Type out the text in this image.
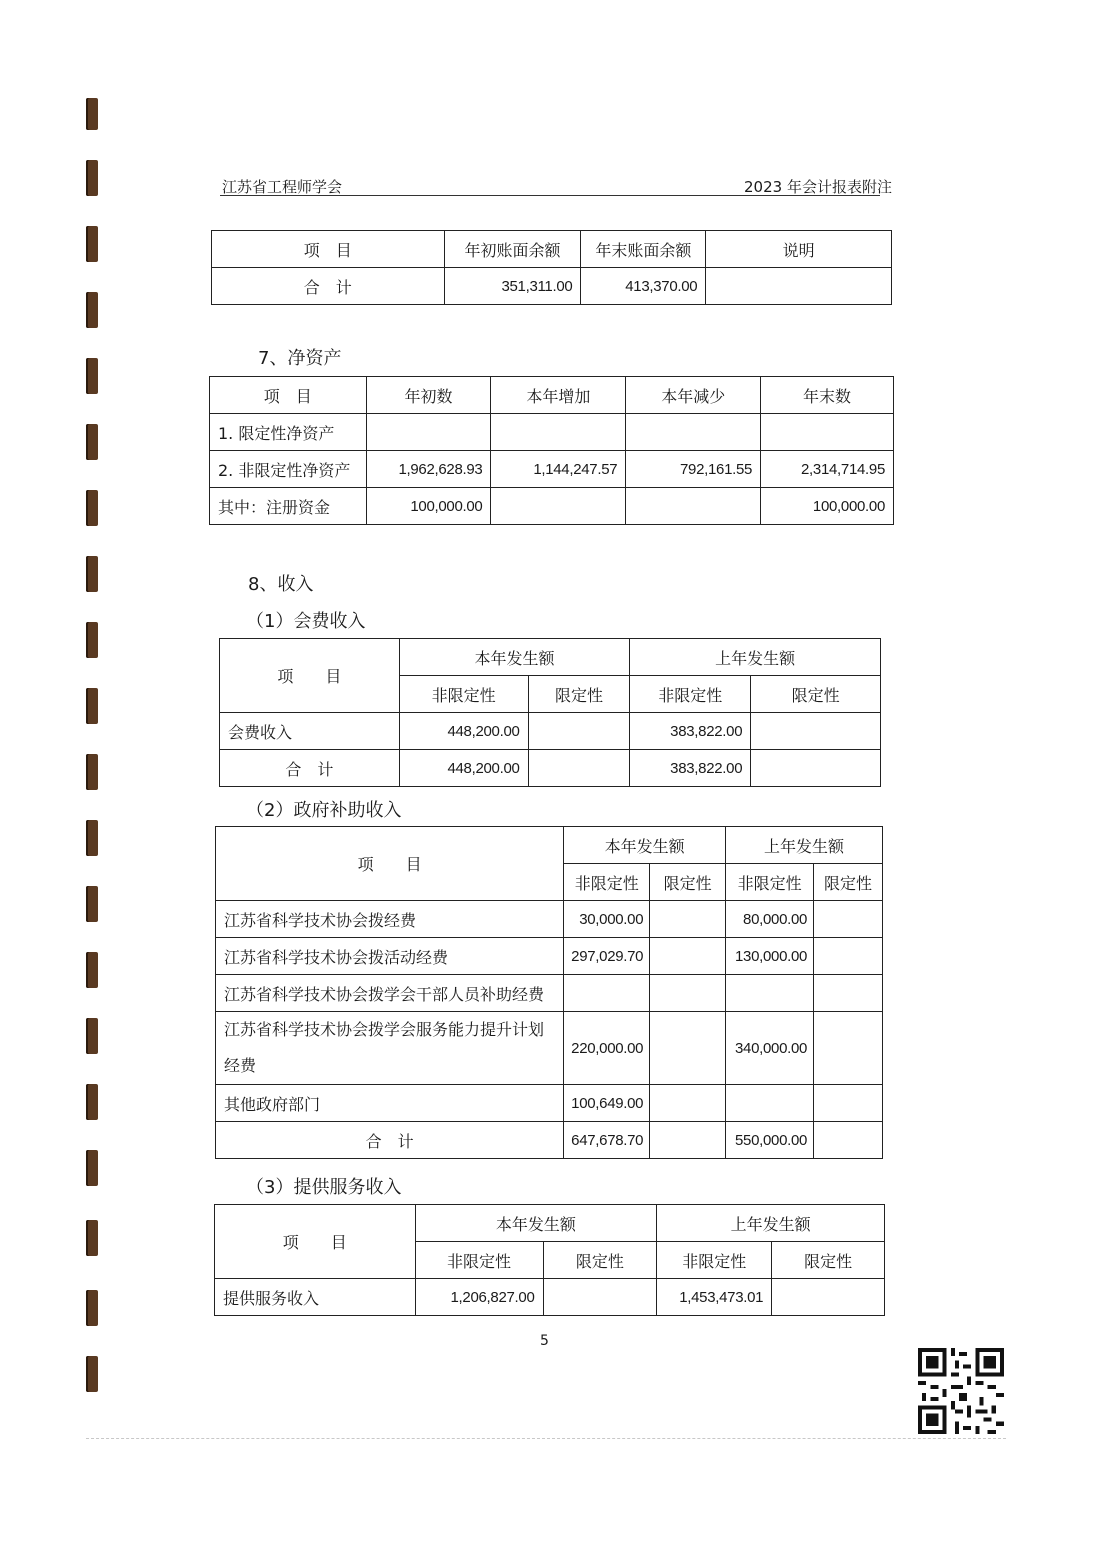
江苏省工程师学会	2023 年会计报表附注
项　目	年初账面余额	年末账面余额	说明
合　计	351,311.00	413,370.00	
7、净资产
项　目	年初数	本年增加	本年减少	年末数
1. 限定性净资产				
2. 非限定性净资产	1,962,628.93	1,144,247.57	792,161.55	2,314,714.95
其中：注册资金	100,000.00			100,000.00
8、收入
（1）会费收入
项　　目	本年发生额		上年发生额	
	非限定性	限定性	非限定性	限定性
会费收入	448,200.00		383,822.00	
合　计	448,200.00		383,822.00	
（2）政府补助收入
项　　目	本年发生额		上年发生额	
	非限定性	限定性	非限定性	限定性
江苏省科学技术协会拨经费	30,000.00		80,000.00	
江苏省科学技术协会拨活动经费	297,029.70		130,000.00	
江苏省科学技术协会拨学会干部人员补助经费				
江苏省科学技术协会拨学会服务能力提升计划经费	220,000.00		340,000.00	
其他政府部门	100,649.00			
合　计	647,678.70		550,000.00	
（3）提供服务收入
项　　目	本年发生额		上年发生额	
	非限定性	限定性	非限定性	限定性
提供服务收入	1,206,827.00		1,453,473.01	
5
